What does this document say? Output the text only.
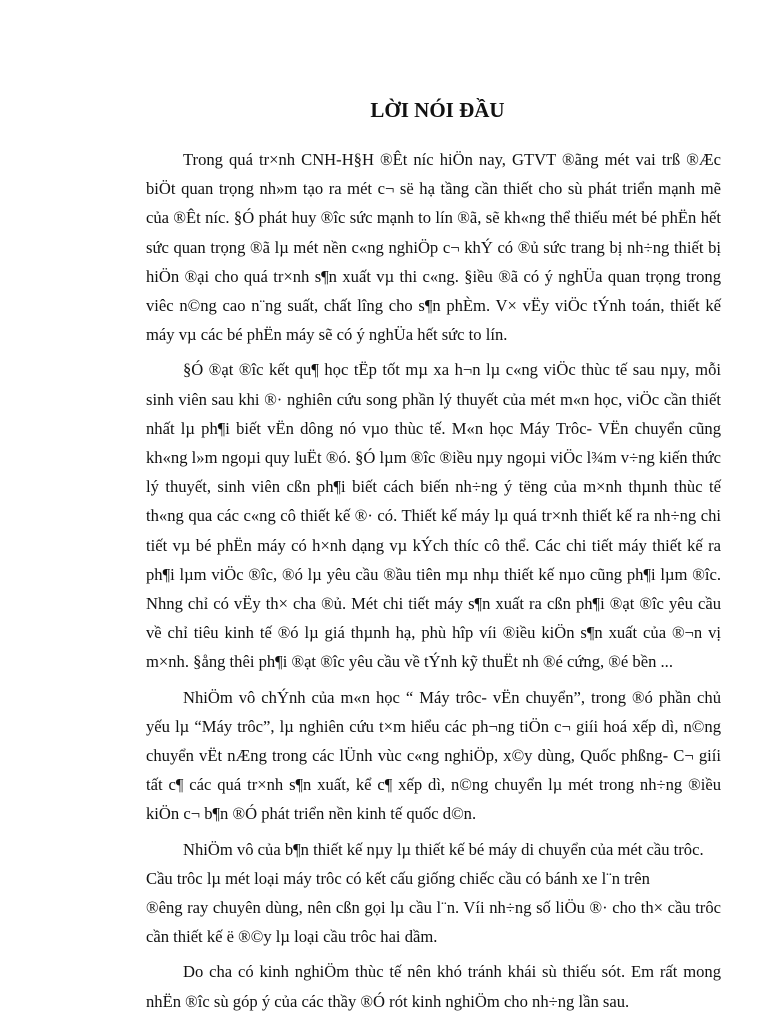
LỜI NÓI ĐẦU

Trong quá tr×nh CNH-H§H ®Êt níc hiÖn nay, GTVT ®ãng mét vai trß ®Æc biÖt quan trọng nh»m tạo ra mét c¬ së hạ tầng cần thiết cho sù phát triển mạnh mẽ của ®Êt níc. §Ó phát huy ®îc sức mạnh to lín ®ã, sẽ kh«ng thể thiếu mét bé phËn hết sức quan trọng ®ã lµ mét nền c«ng nghiÖp c¬ khÝ có ®ủ sức trang bị nh÷ng thiết bị hiÖn ®ại cho quá tr×nh s¶n xuất vµ thi c«ng. §iều ®ã có ý nghÜa quan trọng trong viêc n©ng cao n¨ng suất, chất lîng cho s¶n phÈm. V× vËy viÖc tÝnh toán, thiết kế máy vµ các bé phËn máy sẽ có ý nghÜa hết sức to lín.

§Ó ®ạt ®îc kết qu¶ học tËp tốt mµ xa h¬n lµ c«ng viÖc thùc tế sau nµy, mỗi sinh viên sau khi ®· nghiên cứu song phần lý thuyết của mét m«n học, viÖc cần thiết nhất lµ ph¶i biết vËn dông nó vµo thùc tế. M«n học Máy Trôc- VËn chuyển cũng kh«ng l»m ngoµi quy luËt ®ó. §Ó lµm ®îc ®iều nµy ngoµi viÖc l¾m v÷ng kiến thức lý thuyết, sinh viên cßn ph¶i biết cách biến nh÷ng ý tëng của m×nh thµnh thùc tế th«ng qua các c«ng cô thiết kế ®· có. Thiết kế máy lµ quá tr×nh thiết kế ra nh÷ng chi tiết vµ bé phËn máy có h×nh dạng vµ kÝch thíc cô thể. Các chi tiết máy thiết kế ra ph¶i lµm viÖc ®îc, ®ó lµ yêu cầu ®ầu tiên mµ nhµ thiết kế nµo cũng ph¶i lµm ®îc. Nhng chỉ có vËy th× cha ®ủ. Mét chi tiết máy s¶n xuất ra cßn ph¶i ®ạt ®îc yêu cầu về chỉ tiêu kinh tế ®ó lµ giá thµnh hạ, phù hîp víi ®iều kiÖn s¶n xuất của ®¬n vị m×nh. §ång thêi ph¶i ®ạt ®îc yêu cầu về tÝnh kỹ thuËt nh ®é cứng, ®é bền ...

NhiÖm vô chÝnh của m«n học “ Máy trôc- vËn chuyển”, trong ®ó phần chủ yếu lµ “Máy trôc”, lµ nghiên cứu t×m hiểu các ph¬ng tiÖn c¬ giíi hoá xếp dì, n©ng chuyển vËt nÆng trong các lÜnh vùc c«ng nghiÖp, x©y dùng, Quốc phßng- C¬ giíi tất c¶ các quá tr×nh s¶n xuất, kể c¶ xếp dì, n©ng chuyển lµ mét trong nh÷ng ®iều kiÖn c¬ b¶n ®Ó phát triển nền kinh tế quốc d©n.

NhiÖm vô của b¶n thiết kế nµy lµ thiết kế bé máy di chuyển của mét cầu trôc. Cầu trôc lµ mét loại máy trôc có kết cấu giống chiếc cầu có bánh xe l¨n trên

®êng ray chuyên dùng, nên cßn gọi lµ cầu l¨n. Víi nh÷ng số liÖu ®· cho th× cầu trôc cần thiết kế ë ®©y lµ loại cầu trôc hai dầm.

Do cha có kinh nghiÖm thùc tế nên khó tránh khái sù thiếu sót. Em rất mong nhËn ®îc sù góp ý của các thầy ®Ó rót kinh nghiÖm cho nh÷ng lần sau.
